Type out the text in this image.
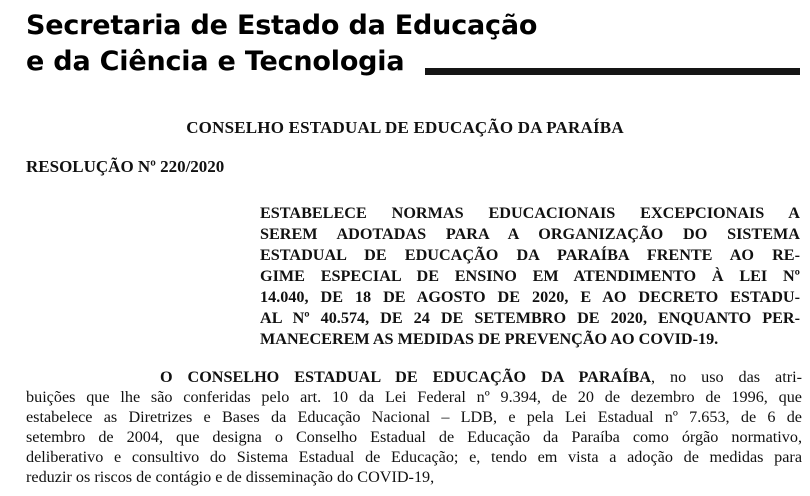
Secretaria de Estado da Educação
e da Ciência e Tecnologia
CONSELHO ESTADUAL DE EDUCAÇÃO DA PARAÍBA
RESOLUÇÃO Nº 220/2020
ESTABELECE NORMAS EDUCACIONAIS EXCEPCIONAIS A
SEREM ADOTADAS PARA A ORGANIZAÇÃO DO SISTEMA
ESTADUAL DE EDUCAÇÃO DA PARAÍBA FRENTE AO RE-
GIME ESPECIAL DE ENSINO EM ATENDIMENTO À LEI Nº
14.040, DE 18 DE AGOSTO DE 2020, E AO DECRETO ESTADU-
AL Nº 40.574, DE 24 DE SETEMBRO DE 2020, ENQUANTO PER-
MANECEREM AS MEDIDAS DE PREVENÇÃO AO COVID-19.
O CONSELHO ESTADUAL DE EDUCAÇÃO DA PARAÍBA, no uso das atri-
buições que lhe são conferidas pelo art. 10 da Lei Federal nº 9.394, de 20 de dezembro de 1996, que
estabelece as Diretrizes e Bases da Educação Nacional – LDB, e pela Lei Estadual nº 7.653, de 6 de
setembro de 2004, que designa o Conselho Estadual de Educação da Paraíba como órgão normativo,
deliberativo e consultivo do Sistema Estadual de Educação; e, tendo em vista a adoção de medidas para
reduzir os riscos de contágio e de disseminação do COVID-19,
